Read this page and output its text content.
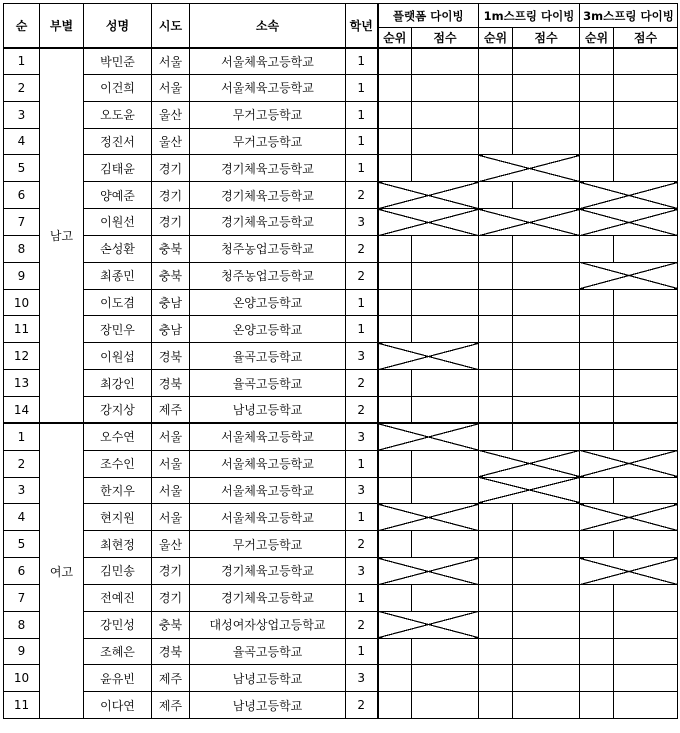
순	부별	성명	시도	소속	학년	플랫폼 다이빙		1m스프링 다이빙		3m스프링 다이빙	
						순위	점수	순위	점수	순위	점수
1	남고	박민준	서울	서울체육고등학교	1						
2		이건희	서울	서울체육고등학교	1						
3		오도윤	울산	무거고등학교	1						
4		정진서	울산	무거고등학교	1						
5		김태윤	경기	경기체육고등학교	1						
6		양예준	경기	경기체육고등학교	2						
7		이원선	경기	경기체육고등학교	3						
8		손성환	충북	청주농업고등학교	2						
9		최종민	충북	청주농업고등학교	2						
10		이도겸	충남	온양고등학교	1						
11		장민우	충남	온양고등학교	1						
12		이원섭	경북	율곡고등학교	3						
13		최강인	경북	율곡고등학교	2						
14		강지상	제주	남녕고등학교	2						
1	여고	오수연	서울	서울체육고등학교	3						
2		조수인	서울	서울체육고등학교	1						
3		한지우	서울	서울체육고등학교	3						
4		현지원	서울	서울체육고등학교	1						
5		최현정	울산	무거고등학교	2						
6		김민송	경기	경기체육고등학교	3						
7		전예진	경기	경기체육고등학교	1						
8		강민성	충북	대성여자상업고등학교	2						
9		조혜은	경북	율곡고등학교	1						
10		윤유빈	제주	남녕고등학교	3						
11		이다연	제주	남녕고등학교	2						
